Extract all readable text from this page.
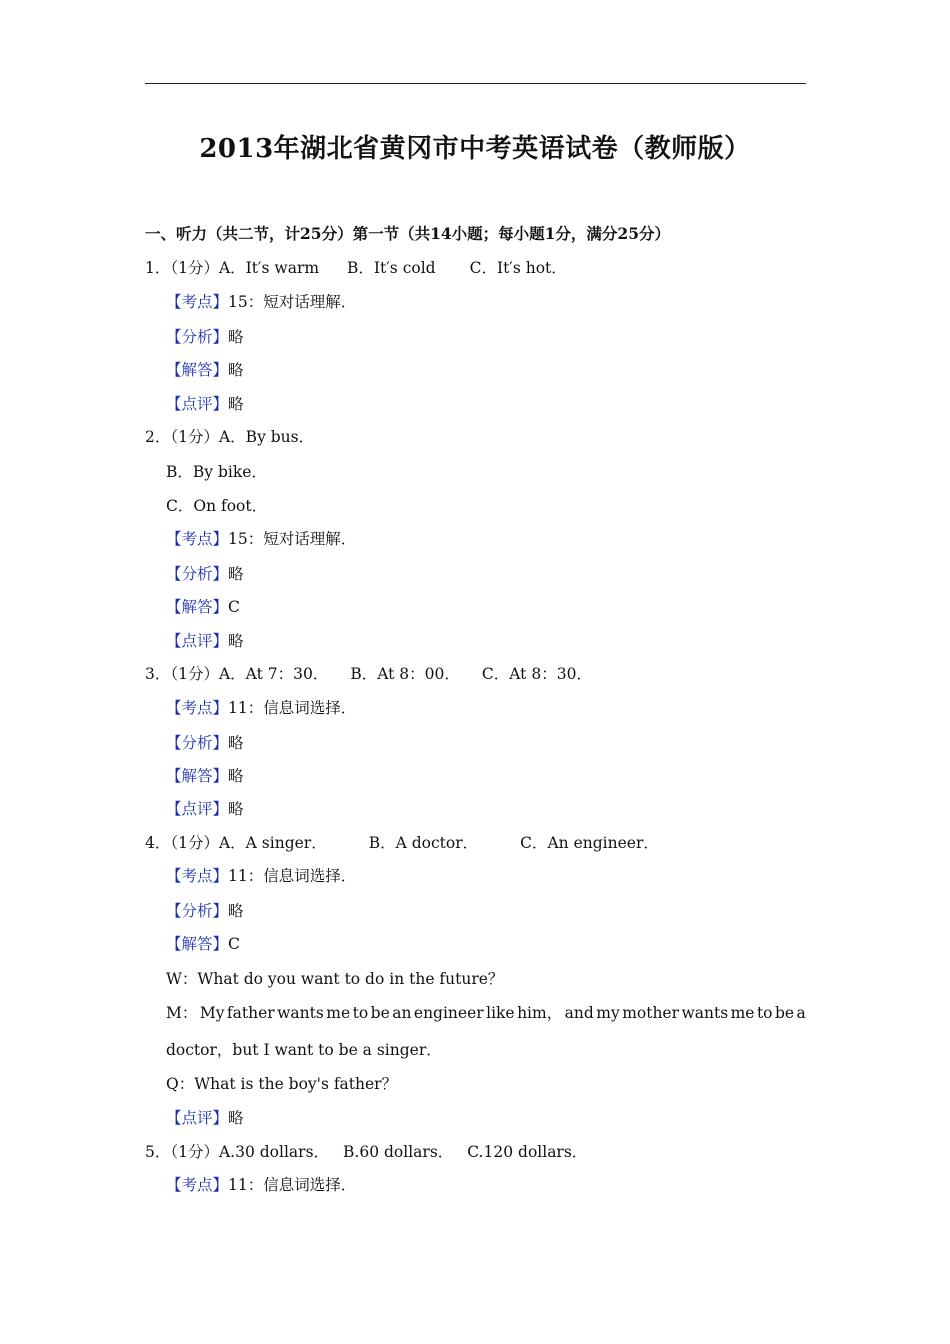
2013年湖北省黄冈市中考英语试卷（教师版）
一、听力（共二节，计25分）第一节（共14小题；每小题1分，满分25分）
1．（1分）A．It′s warm B．It′s cold C．It′s hot．
【考点】15：短对话理解．
【分析】略
【解答】略
【点评】略
2．（1分）A．By bus．
B．By bike．
C．On foot．
【考点】15：短对话理解．
【分析】略
【解答】C
【点评】略
3．（1分）A．At 7：30． B．At 8：00． C．At 8：30．
【考点】11：信息词选择．
【分析】略
【解答】略
【点评】略
4．（1分）A．A singer．	B．A doctor．	C．An engineer．
【考点】11：信息词选择．
【分析】略
【解答】C
W：What do you want to do in the future？
M： My father wants me to be an engineer like him， and my mother wants me to be a
doctor，but I want to be a singer．
Q：What is the boy's father？
【点评】略
5．（1分）A.30 dollars． B.60 dollars． C.120 dollars．
【考点】11：信息词选择．
